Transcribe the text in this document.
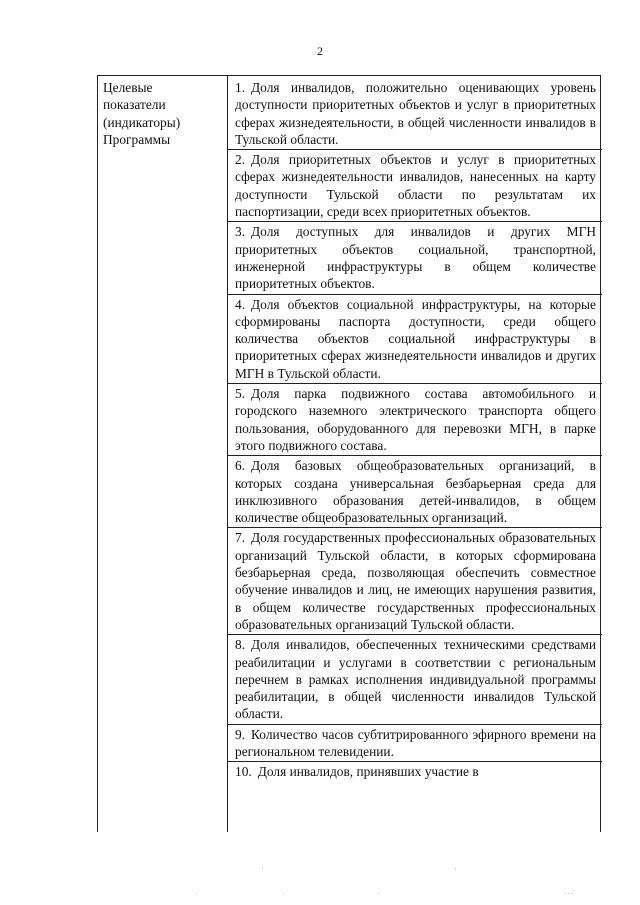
2
Целевые
показатели
(индикаторы)
Программы

1. Доля инвалидов, положительно оценивающих уровень доступности приоритетных объектов и услуг в приоритетных сферах жизнедеятельности, в общей численности инвалидов в Тульской области.

2. Доля приоритетных объектов и услуг в приоритетных сферах жизнедеятельности инвалидов, нанесенных на карту доступности Тульской области по результатам их паспортизации, среди всех приоритетных объектов.

3. Доля доступных для инвалидов и других МГН приоритетных объектов социальной, транспортной, инженерной инфраструктуры в общем количестве приоритетных объектов.

4. Доля объектов социальной инфраструктуры, на которые сформированы паспорта доступности, среди общего количества объектов социальной инфраструктуры в приоритетных сферах жизнедеятельности инвалидов и других МГН в Тульской области.

5. Доля парка подвижного состава автомобильного и городского наземного электрического транспорта общего пользования, оборудованного для перевозки МГН, в парке этого подвижного состава.

6. Доля базовых общеобразовательных организаций, в которых создана универсальная безбарьерная среда для инклюзивного образования детей-инвалидов, в общем количестве общеобразовательных организаций.

7. Доля государственных профессиональных образовательных организаций Тульской области, в которых сформирована безбарьерная среда, позволяющая обеспечить совместное обучение инвалидов и лиц, не имеющих нарушения развития, в общем количестве государственных профессиональных образовательных организаций Тульской области.

8. Доля инвалидов, обеспеченных техническими средствами реабилитации и услугами в соответствии с региональным перечнем в рамках исполнения индивидуальной программы реабилитации, в общей численности инвалидов Тульской области.

9. Количество часов субтитрированного эфирного времени на региональном телевидении.

10. Доля инвалидов, принявших участие в
